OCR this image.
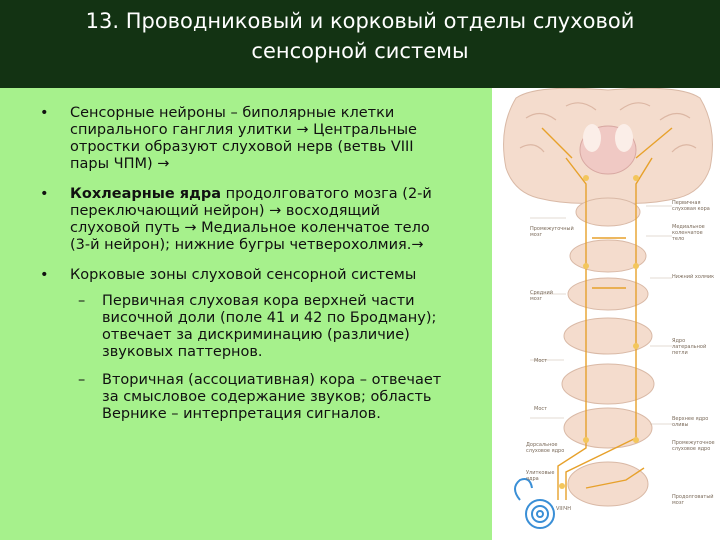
13. Проводниковый и корковый отделы слуховой
сенсорной системы
• Сенсорные нейроны – биполярные клетки
спирального ганглия улитки → Центральные
отростки образуют слуховой нерв (ветвь VIII
пары ЧПМ) →
• Кохлеарные ядра продолговатого мозга (2-й
переключающий нейрон) → восходящий
слуховой путь → Медиальное коленчатое тело
(3-й нейрон); нижние бугры четверохолмия.→
• Корковые зоны слуховой сенсорной системы
– Первичная слуховая кора верхней части
височной доли (поле 41 и 42 по Бродману);
отвечает за дискриминацию (различие)
звуковых паттернов.
– Вторичная (ассоциативная) кора – отвечает
за смысловое содержание звуков; область
Вернике – интерпретация сигналов.
Промежуточный мозг
Средний мозг
Мост
Мост
Дорсальное слуховое ядро
Улитковые ядра
VIIIЧН
Первичная слуховая кора
Медиальное коленчатое тело
Нижний холмик
Ядро латеральной петли
Верхнее ядро оливы
Промежуточное слуховое ядро
Продолговатый мозг
